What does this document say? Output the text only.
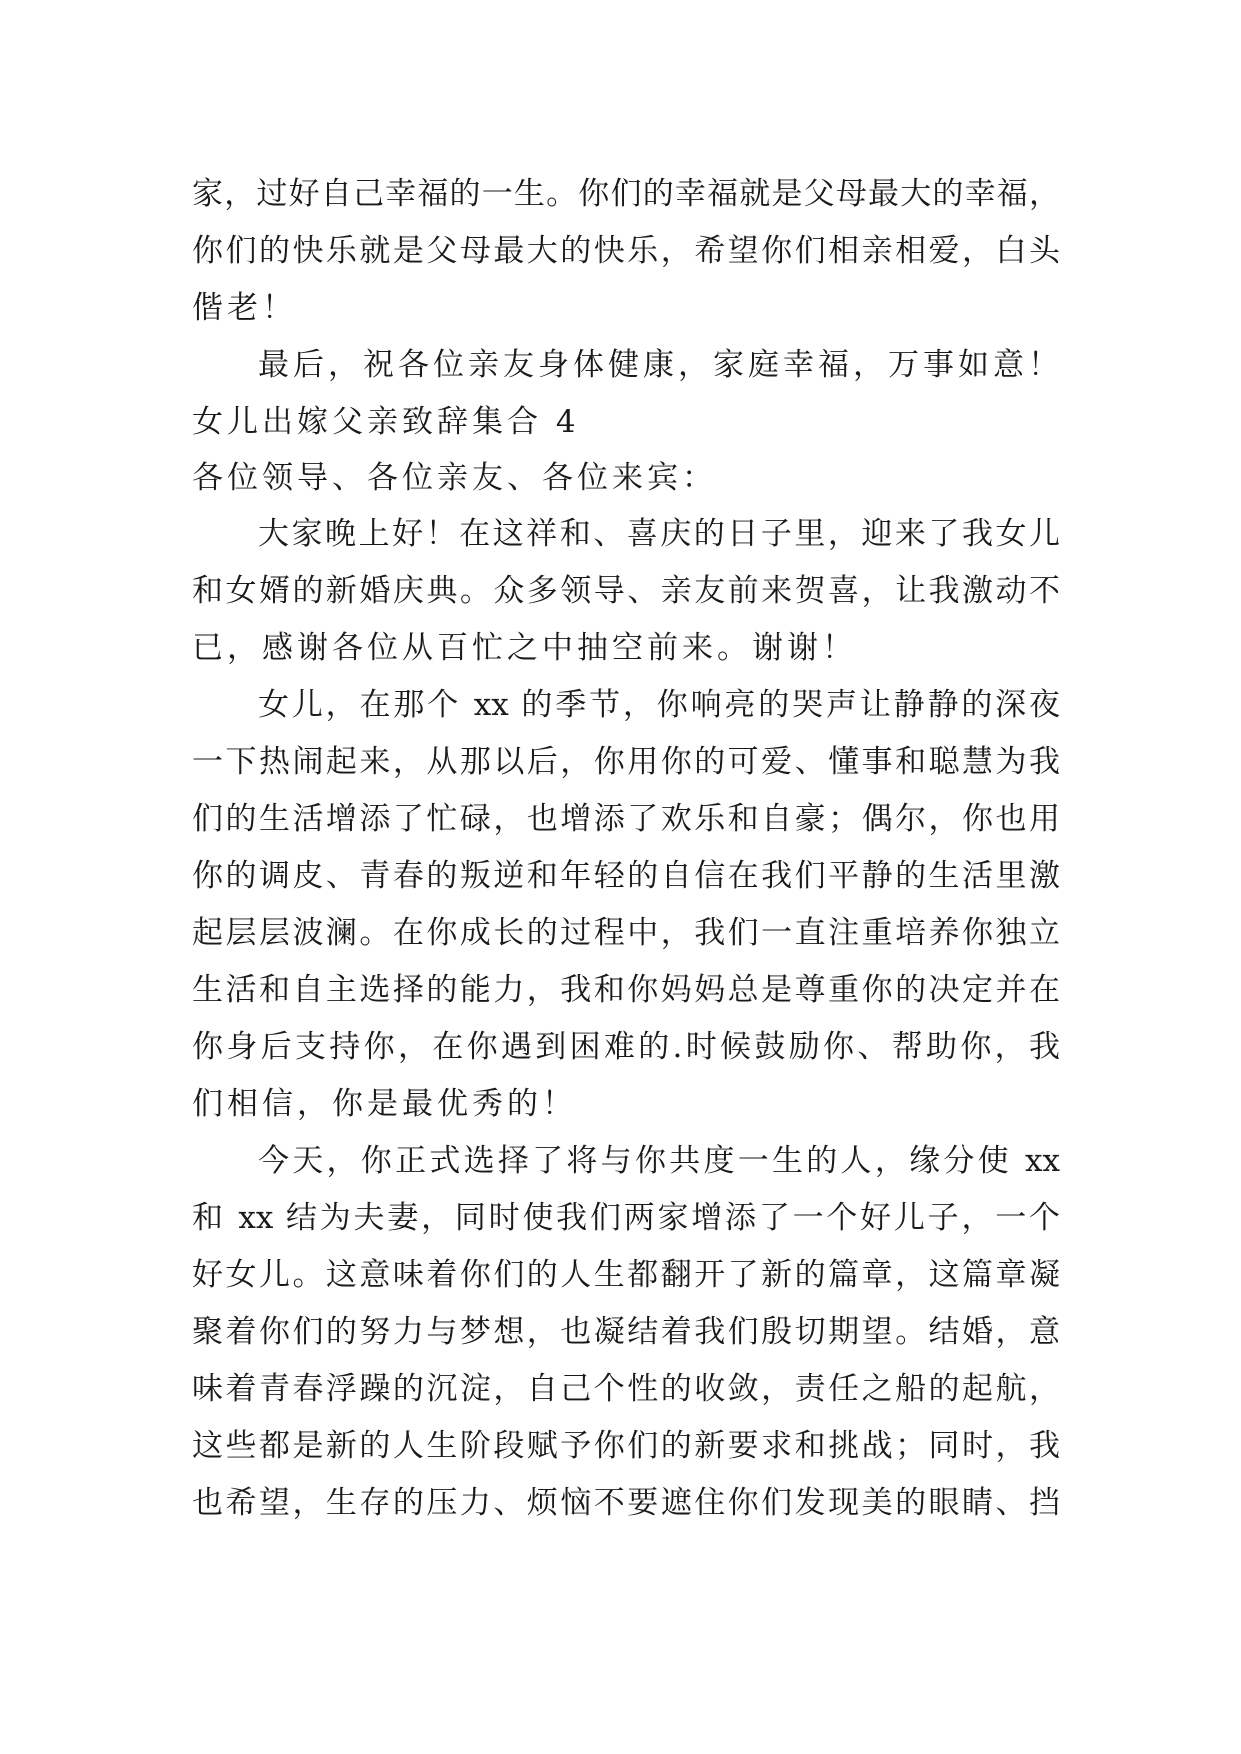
家，过好自己幸福的一生。你们的幸福就是父母最大的幸福，
你们的快乐就是父母最大的快乐，希望你们相亲相爱，白头
偕老！
最后，祝各位亲友身体健康，家庭幸福，万事如意！
女儿出嫁父亲致辞集合 4
各位领导、各位亲友、各位来宾：
大家晚上好！在这祥和、喜庆的日子里，迎来了我女儿
和女婿的新婚庆典。众多领导、亲友前来贺喜，让我激动不
已，感谢各位从百忙之中抽空前来。谢谢！
女儿，在那个 xx 的季节，你响亮的哭声让静静的深夜
一下热闹起来，从那以后，你用你的可爱、懂事和聪慧为我
们的生活增添了忙碌，也增添了欢乐和自豪；偶尔，你也用
你的调皮、青春的叛逆和年轻的自信在我们平静的生活里激
起层层波澜。在你成长的过程中，我们一直注重培养你独立
生活和自主选择的能力，我和你妈妈总是尊重你的决定并在
你身后支持你，在你遇到困难的.时候鼓励你、帮助你，我
们相信，你是最优秀的！
今天，你正式选择了将与你共度一生的人，缘分使 xx
和 xx 结为夫妻，同时使我们两家增添了一个好儿子，一个
好女儿。这意味着你们的人生都翻开了新的篇章，这篇章凝
聚着你们的努力与梦想，也凝结着我们殷切期望。结婚，意
味着青春浮躁的沉淀，自己个性的收敛，责任之船的起航，
这些都是新的人生阶段赋予你们的新要求和挑战；同时，我
也希望，生存的压力、烦恼不要遮住你们发现美的眼睛、挡
